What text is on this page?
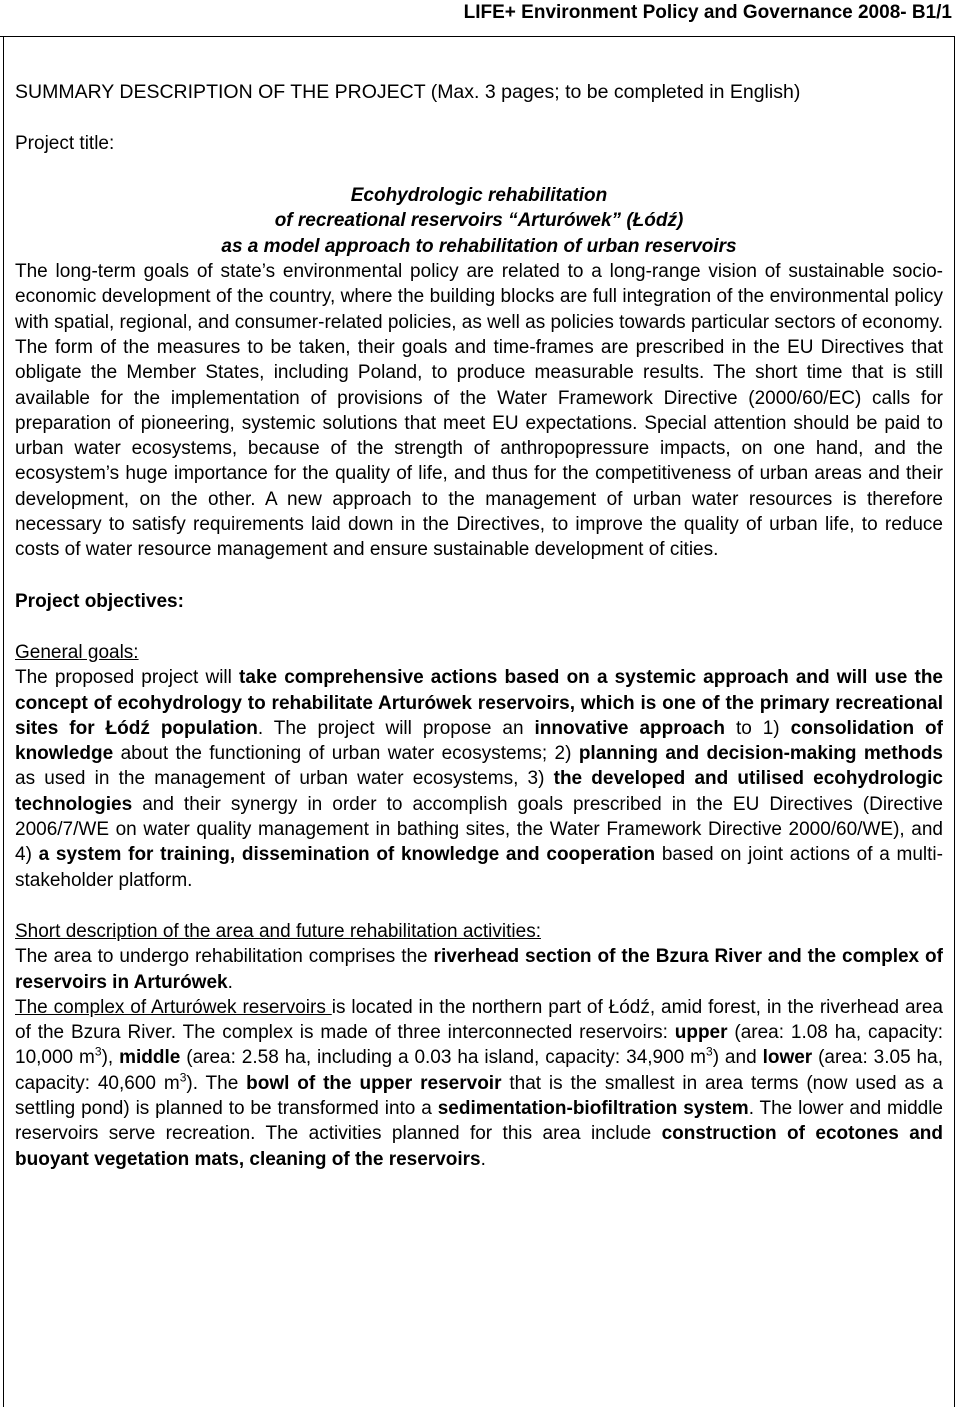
LIFE+ Environment Policy and Governance 2008- B1/1

SUMMARY DESCRIPTION OF THE PROJECT (Max. 3 pages; to be completed in English)

Project title:

Ecohydrologic rehabilitation
of recreational reservoirs “Arturówek” (Łódź)
as a model approach to rehabilitation of urban reservoirs

The long-term goals of state’s environmental policy are related to a long-range vision of sustainable socio-economic development of the country, where the building blocks are full integration of the environmental policy with spatial, regional, and consumer-related policies, as well as policies towards particular sectors of economy. The form of the measures to be taken, their goals and time-frames are prescribed in the EU Directives that obligate the Member States, including Poland, to produce measurable results. The short time that is still available for the implementation of provisions of the Water Framework Directive (2000/60/EC) calls for preparation of pioneering, systemic solutions that meet EU expectations. Special attention should be paid to urban water ecosystems, because of the strength of anthropopressure impacts, on one hand, and the ecosystem’s huge importance for the quality of life, and thus for the competitiveness of urban areas and their development, on the other. A new approach to the management of urban water resources is therefore necessary to satisfy requirements laid down in the Directives, to improve the quality of urban life, to reduce costs of water resource management and ensure sustainable development of cities.

Project objectives:

General goals:

The proposed project will take comprehensive actions based on a systemic approach and will use the concept of ecohydrology to rehabilitate Arturówek reservoirs, which is one of the primary recreational sites for Łódź population. The project will propose an innovative approach to 1) consolidation of knowledge about the functioning of urban water ecosystems; 2) planning and decision-making methods as used in the management of urban water ecosystems, 3) the developed and utilised ecohydrologic technologies and their synergy in order to accomplish goals prescribed in the EU Directives (Directive 2006/7/WE on water quality management in bathing sites, the Water Framework Directive 2000/60/WE), and 4) a system for training, dissemination of knowledge and cooperation based on joint actions of a multi-stakeholder platform.

Short description of the area and future rehabilitation activities:

The area to undergo rehabilitation comprises the riverhead section of the Bzura River and the complex of reservoirs in Arturówek.

The complex of Arturówek reservoirs is located in the northern part of Łódź, amid forest, in the riverhead area of the Bzura River. The complex is made of three interconnected reservoirs: upper (area: 1.08 ha, capacity: 10,000 $m^3$), middle (area: 2.58 ha, including a 0.03 ha island, capacity: 34,900 $m^3$) and lower (area: 3.05 ha, capacity: 40,600 $m^3$). The bowl of the upper reservoir that is the smallest in area terms (now used as a settling pond) is planned to be transformed into a sedimentation-biofiltration system. The lower and middle reservoirs serve recreation. The activities planned for this area include construction of ecotones and buoyant vegetation mats, cleaning of the reservoirs.
